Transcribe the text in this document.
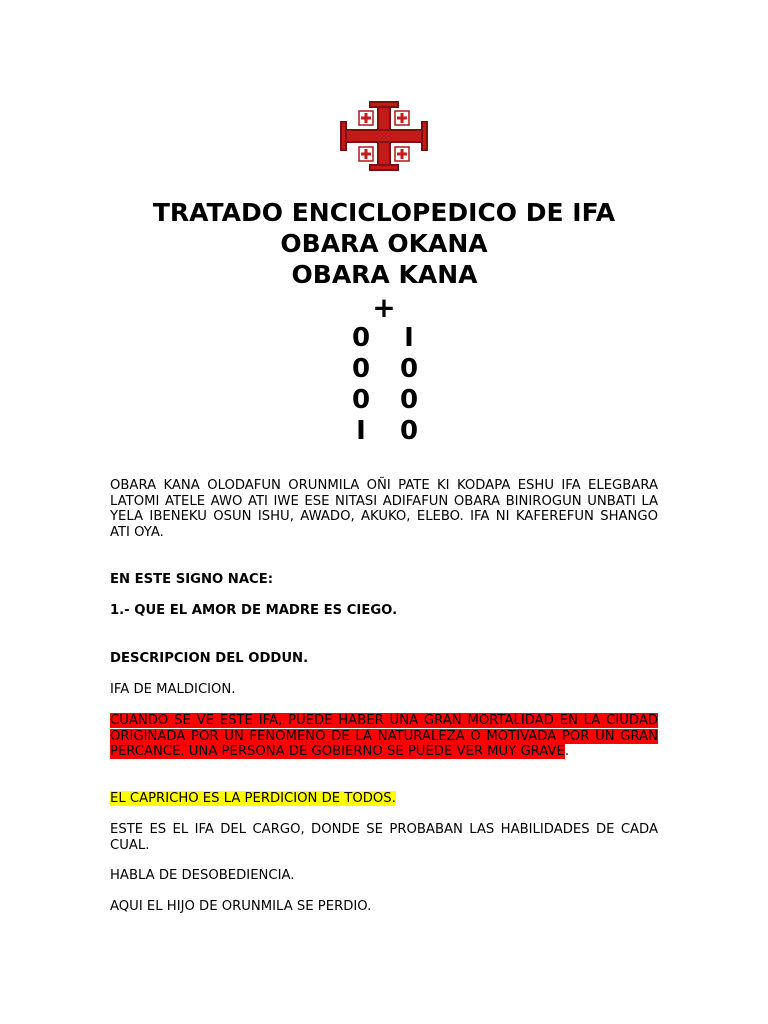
TRATADO ENCICLOPEDICO DE IFA
OBARA OKANA
OBARA KANA
+
0	I
0 0
0 0
I	0

OBARA KANA OLODAFUN ORUNMILA OÑI PATE KI KODAPA ESHU IFA ELEGBARA LATOMI ATELE AWO ATI IWE ESE NITASI ADIFAFUN OBARA BINIROGUN UNBATI LA YELA IBENEKU OSUN ISHU, AWADO, AKUKO, ELEBO. IFA NI KAFEREFUN SHANGO ATI OYA.

EN ESTE SIGNO NACE:

1.- QUE EL AMOR DE MADRE ES CIEGO.

DESCRIPCION DEL ODDUN.

IFA DE MALDICION.

CUANDO SE VE ESTE IFA, PUEDE HABER UNA GRAN MORTALIDAD EN LA CIUDAD ORIGINADA POR UN FENOMENO DE LA NATURALEZA O MOTIVADA POR UN GRAN PERCANCE. UNA PERSONA DE GOBIERNO SE PUEDE VER MUY GRAVE.

EL CAPRICHO ES LA PERDICION DE TODOS.

ESTE ES EL IFA DEL CARGO, DONDE SE PROBABAN LAS HABILIDADES DE CADA CUAL.

HABLA DE DESOBEDIENCIA.

AQUI EL HIJO DE ORUNMILA SE PERDIO.
